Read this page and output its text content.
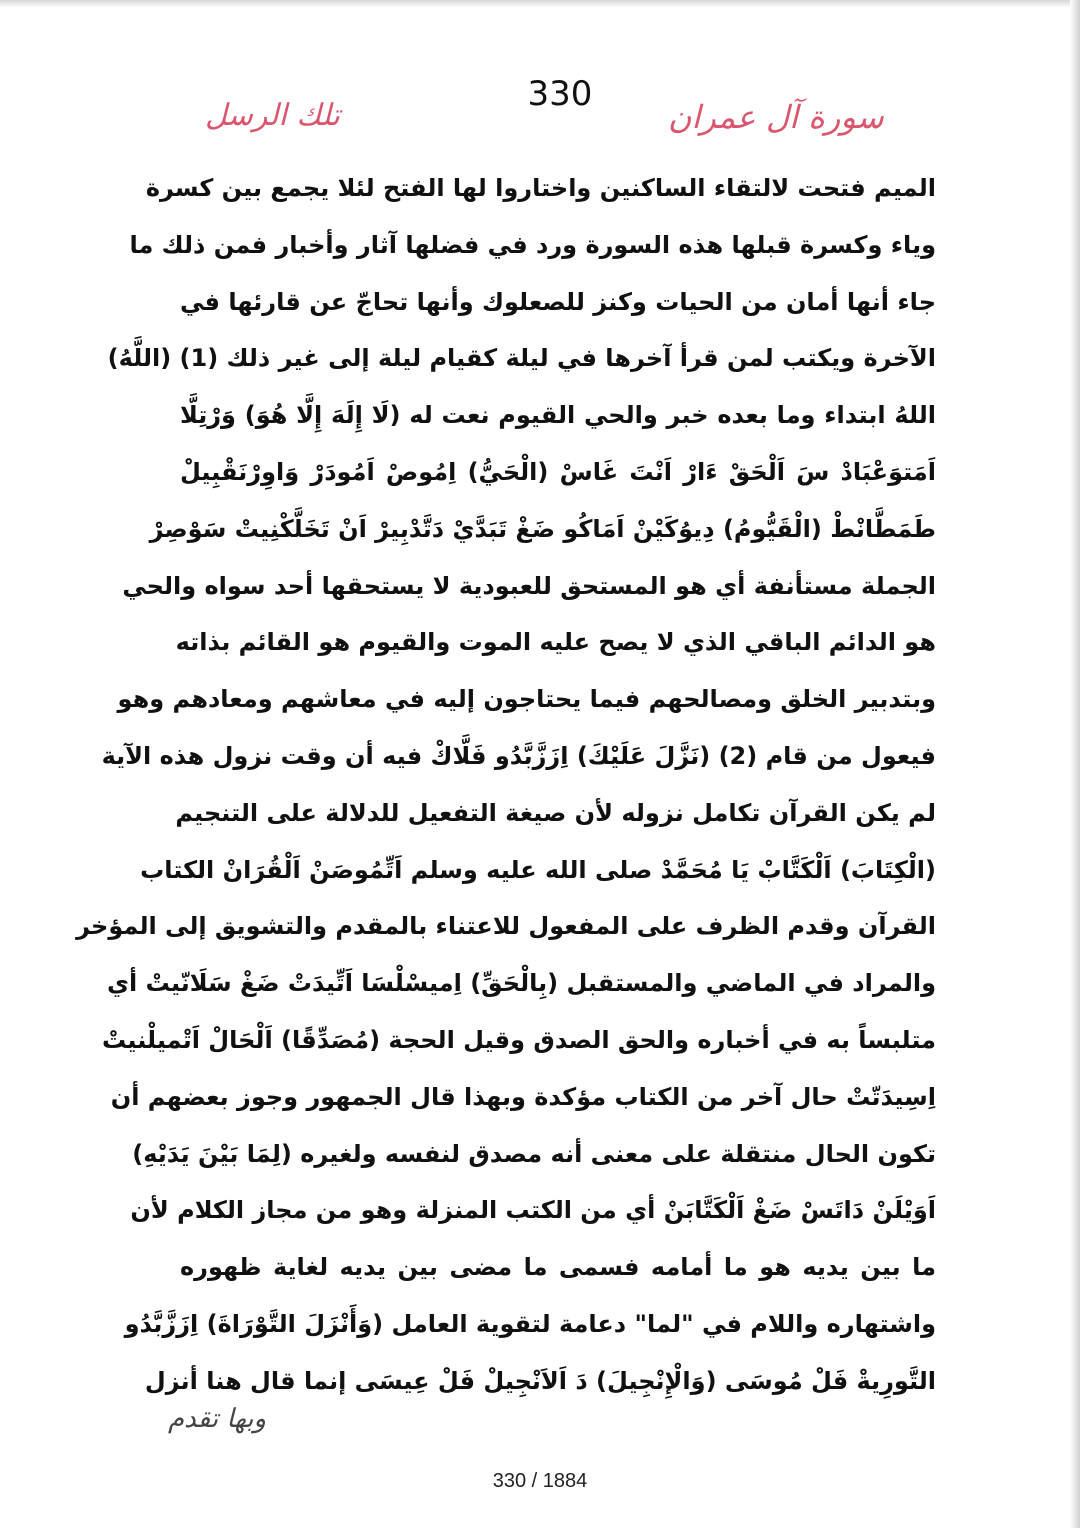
330
تلك الرسل	سورة آل عمران
الميم فتحت لالتقاء الساكنين واختاروا لها الفتح لئلا يجمع بين كسرة
وياء وكسرة قبلها هذه السورة ورد في فضلها آثار وأخبار فمن ذلك ما
جاء أنها أمان من الحيات وكنز للصعلوك وأنها تحاجّ عن قارئها في
الآخرة ويكتب لمن قرأ آخرها في ليلة كقيام ليلة إلى غير ذلك (1) (اللَّهُ)
اللهُ ابتداء وما بعده خبر والحي القيوم نعت له (لَا إِلَهَ إِلَّا هُوَ) وَرْتِلَّا
اَمَتوَعْبَادْ سَ اَلْحَقْ ءَارْ اَنْتَ غَاسْ (الْحَيُّ) اِمُوصْ اَمُودَرْ وَاوِرْنَقْبِيلْ
طَمَطَّانْطْ (الْقَيُّومُ) دِيوُكَيْنْ اَمَاكُو ضَغْ تَبَدَّيْ دَتَّدْبِيرْ اَنْ تَخَلَّكْنِيتْ سَوْصِرْ
الجملة مستأنفة أي هو المستحق للعبودية لا يستحقها أحد سواه والحي
هو الدائم الباقي الذي لا يصح عليه الموت والقيوم هو القائم بذاته
وبتدبير الخلق ومصالحهم فيما يحتاجون إليه في معاشهم ومعادهم وهو
فيعول من قام (2) (نَزَّلَ عَلَيْكَ) اِزَزَّبَّدُو فَلَّاكْ فيه أن وقت نزول هذه الآية
لم يكن القرآن تكامل نزوله لأن صيغة التفعيل للدلالة على التنجيم
(الْكِتَابَ) اَلْكَتَّابْ يَا مُحَمَّدْ صلى الله عليه وسلم اَتِّمُوصَنْ اَلْقُرَانْ الكتاب
القرآن وقدم الظرف على المفعول للاعتناء بالمقدم والتشويق إلى المؤخر
والمراد في الماضي والمستقبل (بِالْحَقِّ) اِميسْلْسَا اَتِّيدَتْ ضَغْ سَلَانّيتْ أي
متلبساً به في أخباره والحق الصدق وقيل الحجة (مُصَدِّقًا) اَلْحَالْ اَتْميلْنيتْ
اِسِيدَتّتْ حال آخر من الكتاب مؤكدة وبهذا قال الجمهور وجوز بعضهم أن
تكون الحال منتقلة على معنى أنه مصدق لنفسه ولغيره (لِمَا بَيْنَ يَدَيْهِ)
اَوَيْلَنْ دَاتَسْ ضَغْ اَلْكَتَّابَنْ أي من الكتب المنزلة وهو من مجاز الكلام لأن
ما بين يديه هو ما أمامه فسمى ما مضى بين يديه لغاية ظهوره
واشتهاره واللام في "لما" دعامة لتقوية العامل (وَأَنْزَلَ التَّوْرَاةَ) اِزَزَّبَّدُو
التَّورِيةْ فَلْ مُوسَى (وَالْإِنْجِيلَ) دَ اَلاَنْجِيلْ فَلْ عِيسَى إنما قال هنا أنزل
وبها تقدم
330 / 1884
